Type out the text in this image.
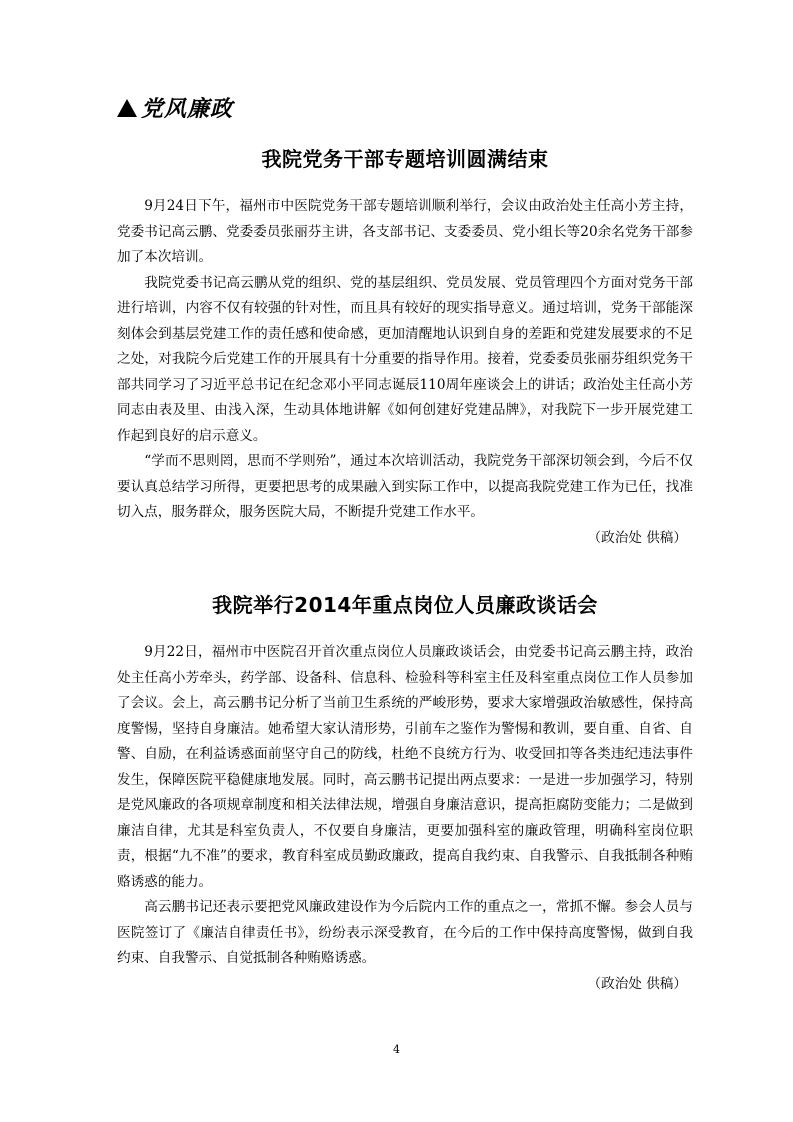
党风廉政
我院党务干部专题培训圆满结束

9月24日下午，福州市中医院党务干部专题培训顺利举行，会议由政治处主任高小芳主持，党委书记高云鹏、党委委员张丽芬主讲，各支部书记、支委委员、党小组长等20余名党务干部参加了本次培训。

我院党委书记高云鹏从党的组织、党的基层组织、党员发展、党员管理四个方面对党务干部进行培训，内容不仅有较强的针对性，而且具有较好的现实指导意义。通过培训，党务干部能深刻体会到基层党建工作的责任感和使命感，更加清醒地认识到自身的差距和党建发展要求的不足之处，对我院今后党建工作的开展具有十分重要的指导作用。接着，党委委员张丽芬组织党务干部共同学习了习近平总书记在纪念邓小平同志诞辰110周年座谈会上的讲话；政治处主任高小芳同志由表及里、由浅入深，生动具体地讲解《如何创建好党建品牌》，对我院下一步开展党建工作起到良好的启示意义。

“学而不思则罔，思而不学则殆”，通过本次培训活动，我院党务干部深切领会到，今后不仅要认真总结学习所得，更要把思考的成果融入到实际工作中，以提高我院党建工作为已任，找准切入点，服务群众，服务医院大局，不断提升党建工作水平。

（政治处 供稿）

我院举行2014年重点岗位人员廉政谈话会

9月22日，福州市中医院召开首次重点岗位人员廉政谈话会，由党委书记高云鹏主持，政治处主任高小芳牵头，药学部、设备科、信息科、检验科等科室主任及科室重点岗位工作人员参加了会议。会上，高云鹏书记分析了当前卫生系统的严峻形势，要求大家增强政治敏感性，保持高度警惕，坚持自身廉洁。她希望大家认清形势，引前车之鉴作为警惕和教训，要自重、自省、自警、自励，在利益诱惑面前坚守自己的防线，杜绝不良统方行为、收受回扣等各类违纪违法事件发生，保障医院平稳健康地发展。同时，高云鹏书记提出两点要求：一是进一步加强学习，特别是党风廉政的各项规章制度和相关法律法规，增强自身廉洁意识，提高拒腐防变能力；二是做到廉洁自律，尤其是科室负责人，不仅要自身廉洁，更要加强科室的廉政管理，明确科室岗位职责，根据“九不准”的要求，教育科室成员勤政廉政，提高自我约束、自我警示、自我抵制各种贿赂诱惑的能力。

高云鹏书记还表示要把党风廉政建设作为今后院内工作的重点之一，常抓不懈。参会人员与医院签订了《廉洁自律责任书》，纷纷表示深受教育，在今后的工作中保持高度警惕，做到自我约束、自我警示、自觉抵制各种贿赂诱惑。

（政治处 供稿）

4
